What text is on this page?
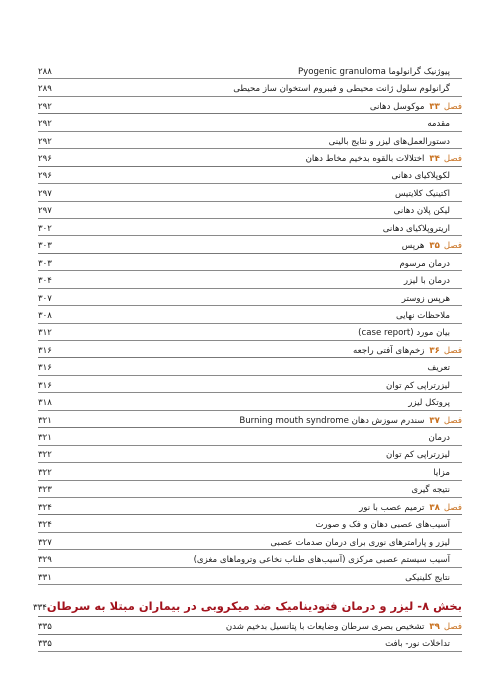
پیوژنیک گرانولوما Pyogenic granuloma
۲۸۸
گرانولوم سلول ژانت محیطی و فیبروم استخوان ساز محیطی
۲۸۹
فصل
۳۳
موکوسل دهانی
۲۹۲
مقدمه
۲۹۲
دستورالعمل‌های لیزر و نتایج بالینی
۲۹۲
فصل
۳۴
اختلالات بالقوه بدخیم مخاط دهان
۲۹۶
لکوپلاکیای دهانی
۲۹۶
اکتینیک کلایتیس
۲۹۷
لیکن پلان دهانی
۲۹۷
اریتروپلاکیای دهانی
۳۰۲
فصل
۳۵
هرپس
۳۰۳
درمان مرسوم
۳۰۳
درمان با لیزر
۳۰۴
هرپس زوستر
۳۰۷
ملاحظات نهایی
۳۰۸
بیان مورد (case report)
۳۱۲
فصل
۳۶
زخم‌های آفتی راجعه
۳۱۶
تعریف
۳۱۶
لیزرتراپی کم توان
۳۱۶
پروتکل لیزر
۳۱۸
فصل
۳۷
سندرم سوزش دهان Burning mouth syndrome
۳۲۱
درمان
۳۲۱
لیزرتراپی کم توان
۳۲۲
مزایا
۳۲۲
نتیجه گیری
۳۲۳
فصل
۳۸
ترمیم عصب با نور
۳۲۴
آسیب‌های عصبی دهان و فک و صورت
۳۲۴
لیزر و پارامترهای نوری برای درمان صدمات عصبی
۳۲۷
آسیب سیستم عصبی مرکزی (آسیب‌های طناب نخاعی وتروماهای مغزی)
۳۲۹
نتایج کلینیکی
۳۳۱
بخش ۸- لیزر و درمان فتودینامیک ضد میکروبی در بیماران مبتلا به سرطان
۳۳۴
فصل
۳۹
تشخیص بصری سرطان وضایعات با پتانسیل بدخیم شدن
۳۳۵
تداخلات نور- بافت
۳۳۵
